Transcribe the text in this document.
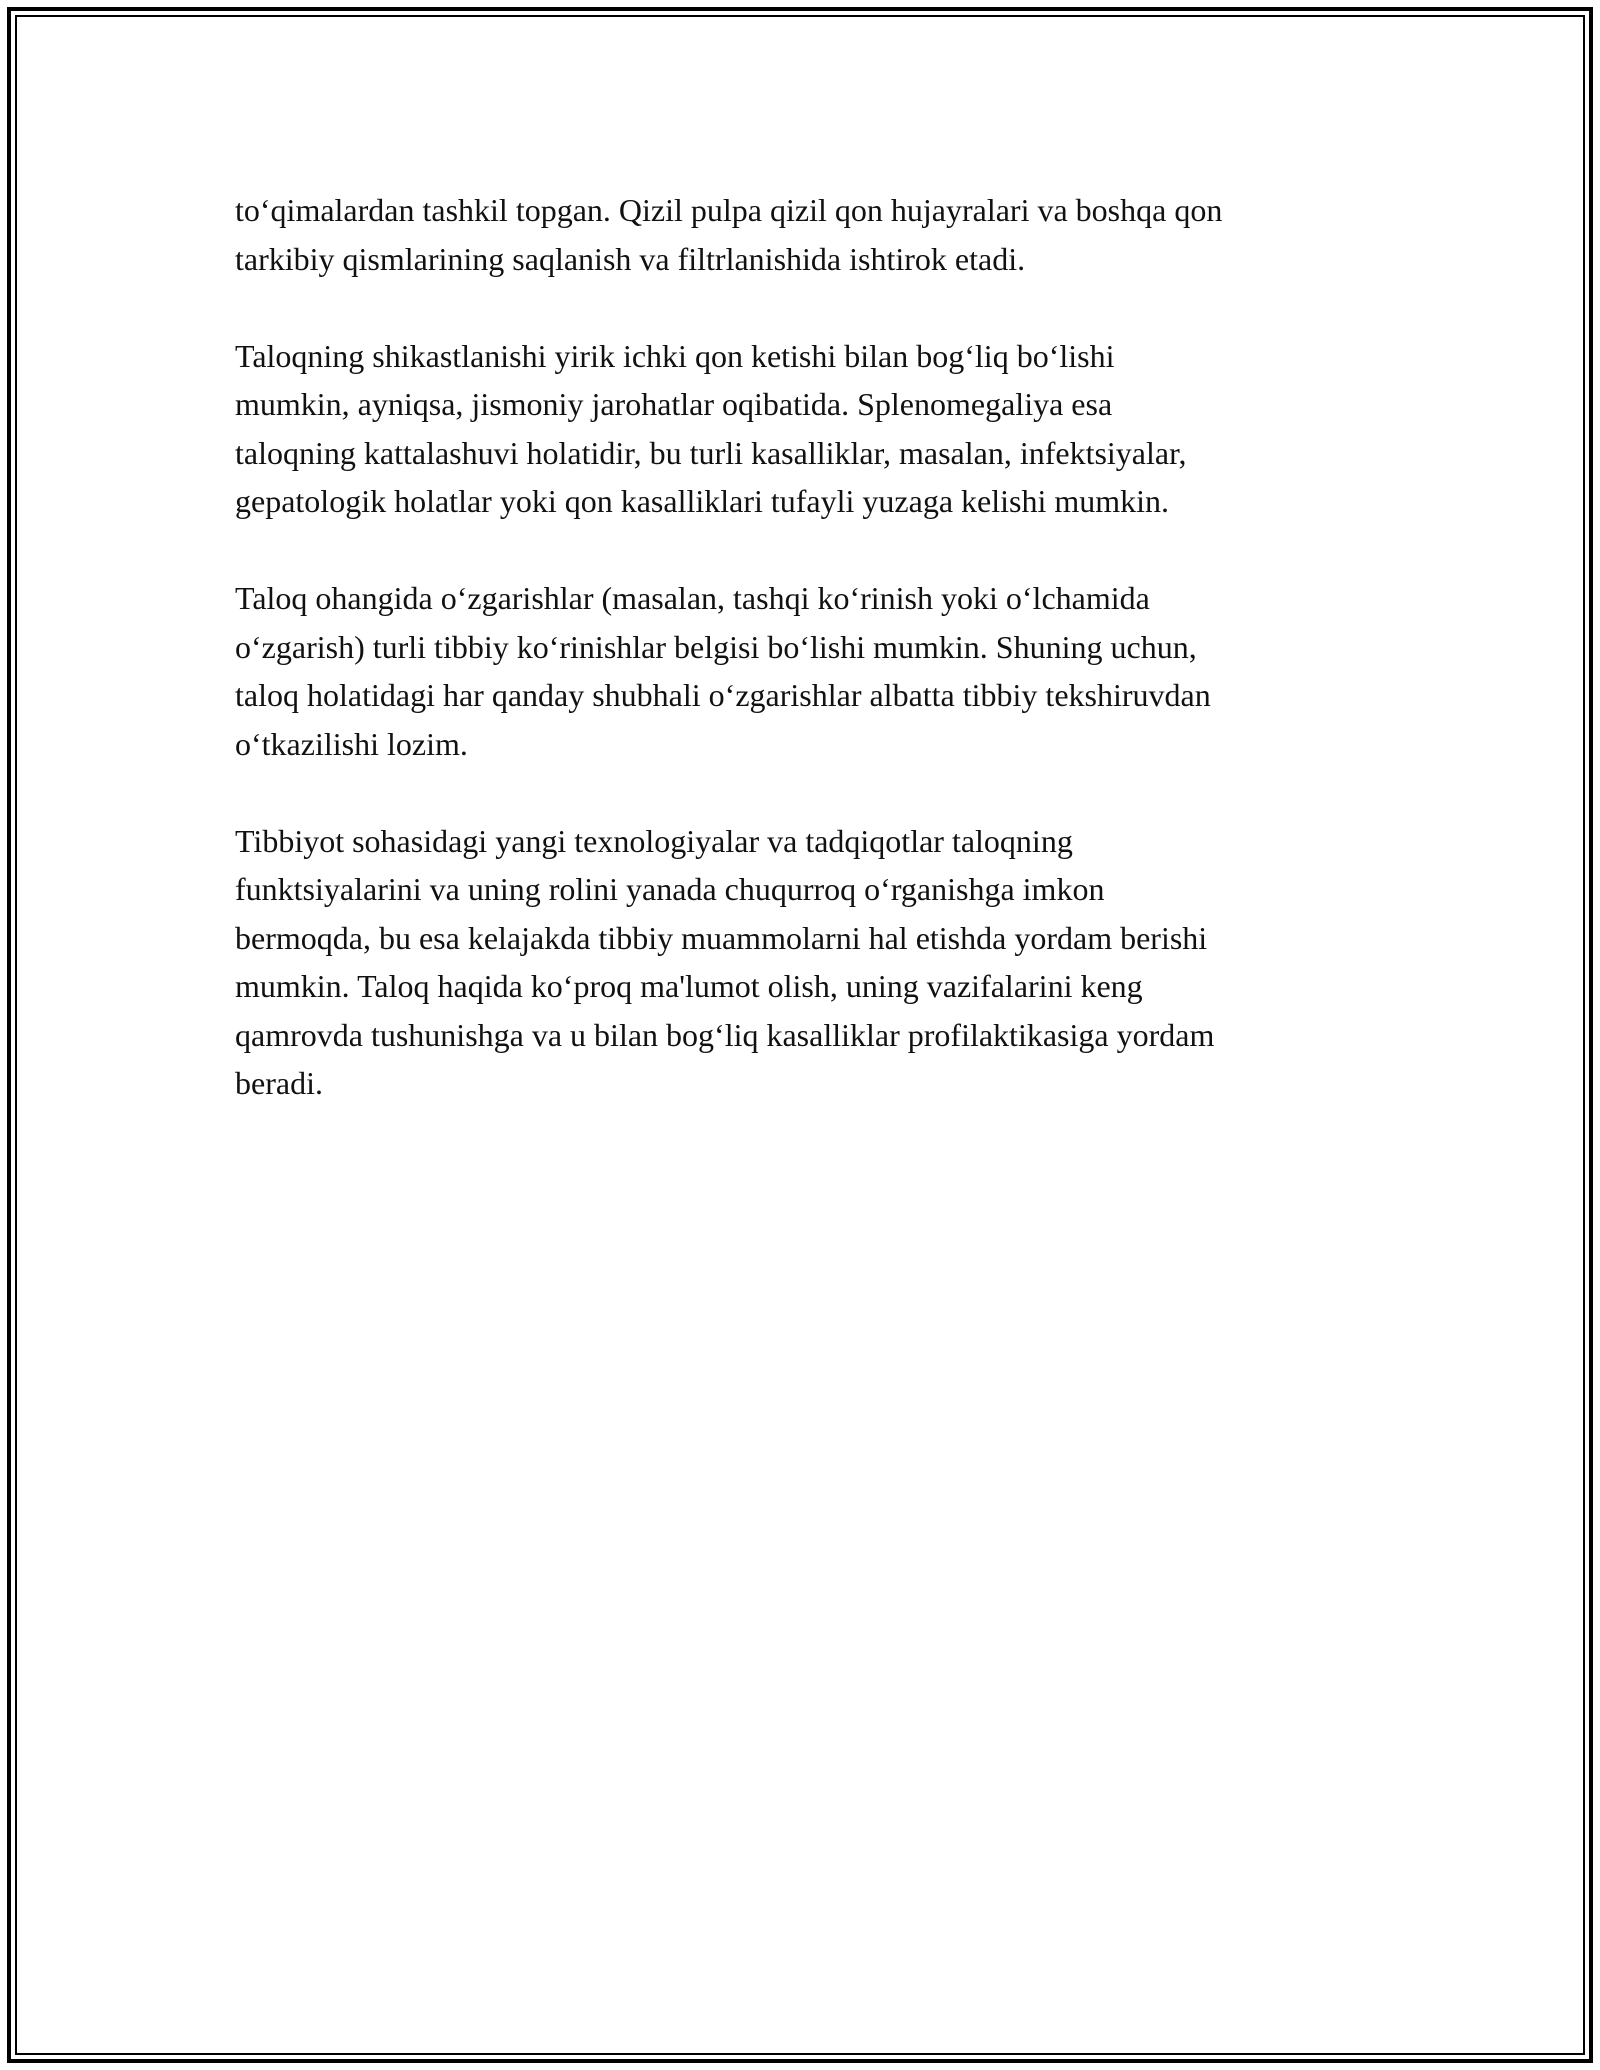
to‘qimalardan tashkil topgan. Qizil pulpa qizil qon hujayralari va boshqa qon
tarkibiy qismlarining saqlanish va filtrlanishida ishtirok etadi.

Taloqning shikastlanishi yirik ichki qon ketishi bilan bog‘liq bo‘lishi
mumkin, ayniqsa, jismoniy jarohatlar oqibatida. Splenomegaliya esa
taloqning kattalashuvi holatidir, bu turli kasalliklar, masalan, infektsiyalar,
gepatologik holatlar yoki qon kasalliklari tufayli yuzaga kelishi mumkin.

Taloq ohangida o‘zgarishlar (masalan, tashqi ko‘rinish yoki o‘lchamida
o‘zgarish) turli tibbiy ko‘rinishlar belgisi bo‘lishi mumkin. Shuning uchun,
taloq holatidagi har qanday shubhali o‘zgarishlar albatta tibbiy tekshiruvdan
o‘tkazilishi lozim.

Tibbiyot sohasidagi yangi texnologiyalar va tadqiqotlar taloqning
funktsiyalarini va uning rolini yanada chuqurroq o‘rganishga imkon
bermoqda, bu esa kelajakda tibbiy muammolarni hal etishda yordam berishi
mumkin. Taloq haqida ko‘proq ma'lumot olish, uning vazifalarini keng
qamrovda tushunishga va u bilan bog‘liq kasalliklar profilaktikasiga yordam
beradi.
